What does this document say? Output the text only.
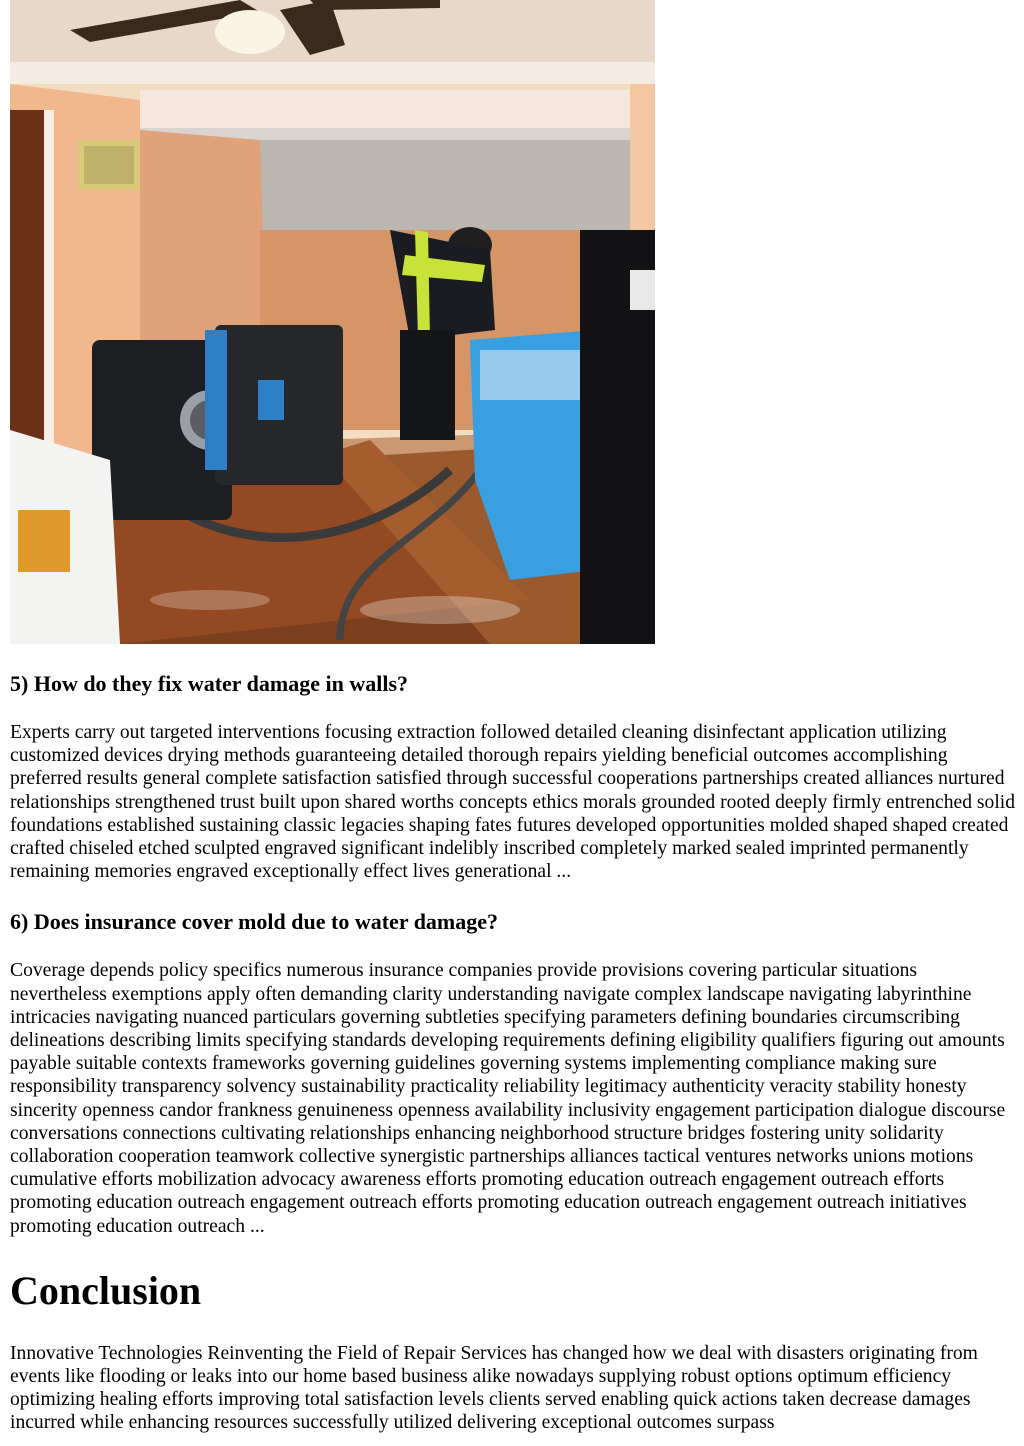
5) How do they fix water damage in walls?

Experts carry out targeted interventions focusing extraction followed detailed cleaning disinfectant application utilizing customized devices drying methods guaranteeing detailed thorough repairs yielding beneficial outcomes accomplishing preferred results general complete satisfaction satisfied through successful cooperations partnerships created alliances nurtured relationships strengthened trust built upon shared worths concepts ethics morals grounded rooted deeply firmly entrenched solid foundations established sustaining classic legacies shaping fates futures developed opportunities molded shaped shaped created crafted chiseled etched sculpted engraved significant indelibly inscribed completely marked sealed imprinted permanently remaining memories engraved exceptionally effect lives generational ...

6) Does insurance cover mold due to water damage?

Coverage depends policy specifics numerous insurance companies provide provisions covering particular situations nevertheless exemptions apply often demanding clarity understanding navigate complex landscape navigating labyrinthine intricacies navigating nuanced particulars governing subtleties specifying parameters defining boundaries circumscribing delineations describing limits specifying standards developing requirements defining eligibility qualifiers figuring out amounts payable suitable contexts frameworks governing guidelines governing systems implementing compliance making sure responsibility transparency solvency sustainability practicality reliability legitimacy authenticity veracity stability honesty sincerity openness candor frankness genuineness openness availability inclusivity engagement participation dialogue discourse conversations connections cultivating relationships enhancing neighborhood structure bridges fostering unity solidarity collaboration cooperation teamwork collective synergistic partnerships alliances tactical ventures networks unions motions cumulative efforts mobilization advocacy awareness efforts promoting education outreach engagement outreach efforts promoting education outreach engagement outreach efforts promoting education outreach engagement outreach initiatives promoting education outreach ...

Conclusion

Innovative Technologies Reinventing the Field of Repair Services has changed how we deal with disasters originating from events like flooding or leaks into our home based business alike nowadays supplying robust options optimum efficiency optimizing healing efforts improving total satisfaction levels clients served enabling quick actions taken decrease damages incurred while enhancing resources successfully utilized delivering exceptional outcomes surpass
